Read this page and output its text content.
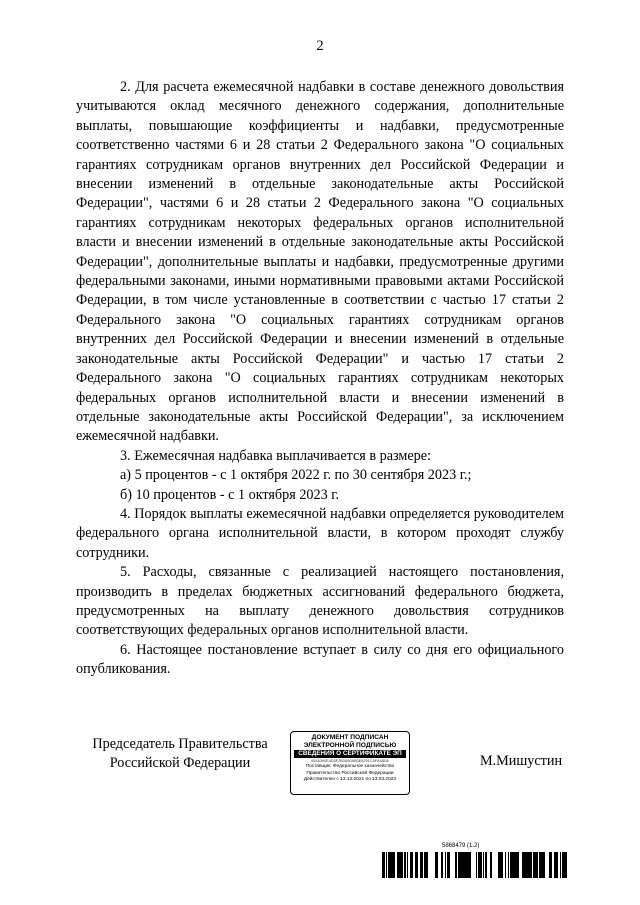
2

2. Для расчета ежемесячной надбавки в составе денежного довольствия учитываются оклад месячного денежного содержания, дополнительные выплаты, повышающие коэффициенты и надбавки, предусмотренные соответственно частями 6 и 28 статьи 2 Федерального закона "О социальных гарантиях сотрудникам органов внутренних дел Российской Федерации и внесении изменений в отдельные законодательные акты Российской Федерации", частями 6 и 28 статьи 2 Федерального закона "О социальных гарантиях сотрудникам некоторых федеральных органов исполнительной власти и внесении изменений в отдельные законодательные акты Российской Федерации", дополнительные выплаты и надбавки, предусмотренные другими федеральными законами, иными нормативными правовыми актами Российской Федерации, в том числе установленные в соответствии с частью 17 статьи 2 Федерального закона "О социальных гарантиях сотрудникам органов внутренних дел Российской Федерации и внесении изменений в отдельные законодательные акты Российской Федерации" и частью 17 статьи 2 Федерального закона "О социальных гарантиях сотрудникам некоторых федеральных органов исполнительной власти и внесении изменений в отдельные законодательные акты Российской Федерации", за исключением ежемесячной надбавки.

3. Ежемесячная надбавка выплачивается в размере:

а) 5 процентов - с 1 октября 2022 г. по 30 сентября 2023 г.;

б) 10 процентов - с 1 октября 2023 г.

4. Порядок выплаты ежемесячной надбавки определяется руководителем федерального органа исполнительной власти, в котором проходят службу сотрудники.

5. Расходы, связанные с реализацией настоящего постановления, производить в пределах бюджетных ассигнований федерального бюджета, предусмотренных на выплату денежного довольствия сотрудников соответствующих федеральных органов исполнительной власти.

6. Настоящее постановление вступает в силу со дня его официального опубликования.

Председатель Правительства
Российской Федерации
ДОКУМЕНТ ПОДПИСАН
ЭЛЕКТРОННОЙ ПОДПИСЬЮ
СВЕДЕНИЯ О СЕРТИФИКАТЕ ЭП
00A5390E4D5F2B0A90AB0E5291CAFA4A0A
Поставщик: Федеральное казначейство
Правительство Российской Федерации
Действителен с 13.12.2021 по 13.03.2023
М.Мишустин
5868479 (1.2)
